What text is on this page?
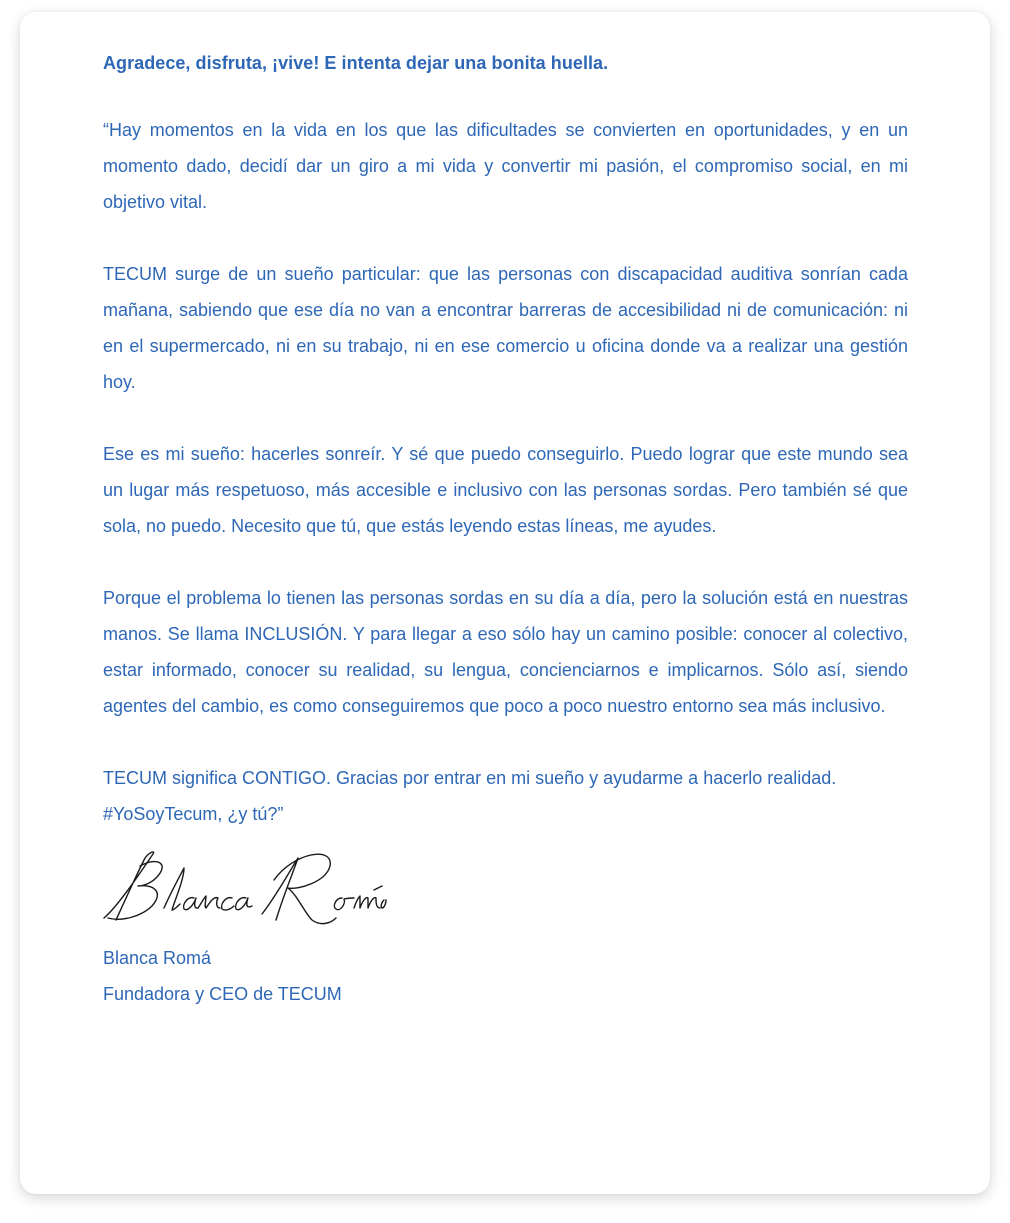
Agradece, disfruta, ¡vive! E intenta dejar una bonita huella.

“Hay momentos en la vida en los que las dificultades se convierten en oportunidades, y en un momento dado, decidí dar un giro a mi vida y convertir mi pasión, el compromiso social, en mi objetivo vital.

TECUM surge de un sueño particular: que las personas con discapacidad auditiva sonrían cada mañana, sabiendo que ese día no van a encontrar barreras de accesibilidad ni de comunicación: ni en el supermercado, ni en su trabajo, ni en ese comercio u oficina donde va a realizar una gestión hoy.

Ese es mi sueño: hacerles sonreír. Y sé que puedo conseguirlo. Puedo lograr que este mundo sea un lugar más respetuoso, más accesible e inclusivo con las personas sordas. Pero también sé que sola, no puedo. Necesito que tú, que estás leyendo estas líneas, me ayudes.

Porque el problema lo tienen las personas sordas en su día a día, pero la solución está en nuestras manos. Se llama INCLUSIÓN. Y para llegar a eso sólo hay un camino posible: conocer al colectivo, estar informado, conocer su realidad, su lengua, concienciarnos e implicarnos. Sólo así, siendo agentes del cambio, es como conseguiremos que poco a poco nuestro entorno sea más inclusivo.

TECUM significa CONTIGO. Gracias por entrar en mi sueño y ayudarme a hacerlo realidad.
#YoSoyTecum, ¿y tú?”

Blanca Romá

Fundadora y CEO de TECUM
